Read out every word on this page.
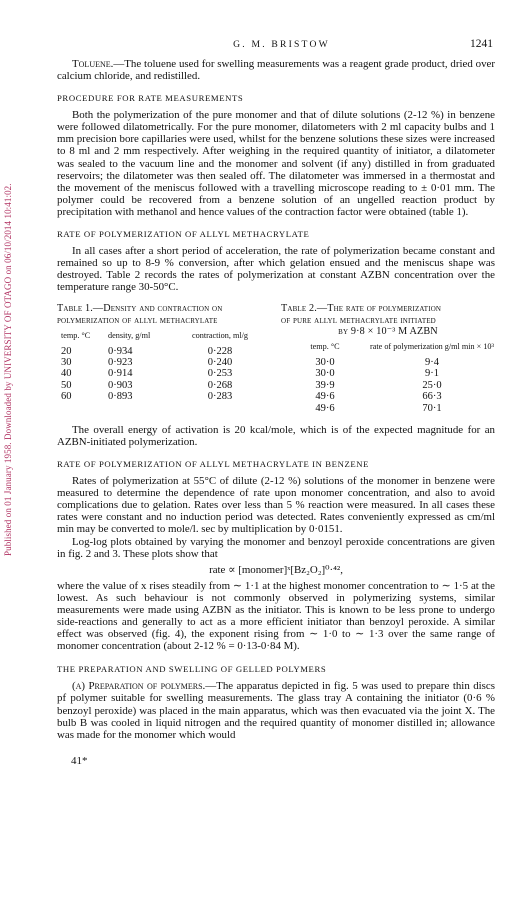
Published on 01 January 1958. Downloaded by UNIVERSITY OF OTAGO on 06/10/2014 10:41:02.
G. M. BRISTOW	1241

Toluene.—The toluene used for swelling measurements was a reagent grade product, dried over calcium chloride, and redistilled.

PROCEDURE FOR RATE MEASUREMENTS

Both the polymerization of the pure monomer and that of dilute solutions (2-12 %) in benzene were followed dilatometrically. For the pure monomer, dilatometers with 2 ml capacity bulbs and 1 mm precision bore capillaries were used, whilst for the benzene solutions these sizes were increased to 8 ml and 2 mm respectively. After weighing in the required quantity of initiator, a dilatometer was sealed to the vacuum line and the monomer and solvent (if any) distilled in from graduated reservoirs; the dilatometer was then sealed off. The dilatometer was immersed in a thermostat and the movement of the meniscus followed with a travelling microscope reading to ± 0·01 mm. The polymer could be recovered from a benzene solution of an ungelled reaction product by precipitation with methanol and hence values of the contraction factor were obtained (table 1).

RATE OF POLYMERIZATION OF ALLYL METHACRYLATE

In all cases after a short period of acceleration, the rate of polymerization became constant and remained so up to 8-9 % conversion, after which gelation ensued and the meniscus shape was destroyed. Table 2 records the rates of polymerization at constant AZBN concentration over the temperature range 30-50°C.

Table 1.—Density and contraction on
polymerization of allyl methacrylate
temp. °C	density, g/ml	contraction, ml/g
20	0·934	0·228
30	0·923	0·240
40	0·914	0·253
50	0·903	0·268
60	0·893	0·283
Table 2.—The rate of polymerization
of pure allyl methacrylate initiated
by 9·8 × 10⁻³ M AZBN
temp. °C	rate of polymerization g/ml min × 10³
30·0	9·4
30·0	9·1
39·9	25·0
49·6	66·3
49·6	70·1

The overall energy of activation is 20 kcal/mole, which is of the expected magnitude for an AZBN-initiated polymerization.

RATE OF POLYMERIZATION OF ALLYL METHACRYLATE IN BENZENE

Rates of polymerization at 55°C of dilute (2-12 %) solutions of the monomer in benzene were measured to determine the dependence of rate upon monomer concentration, and also to avoid complications due to gelation. Rates over less than 5 % reaction were measured. In all cases these rates were constant and no induction period was detected. Rates conveniently expressed as cm/ml min may be converted to mole/l. sec by multiplication by 0·0151.

Log-log plots obtained by varying the monomer and benzoyl peroxide concentrations are given in fig. 2 and 3. These plots show that

rate ∝ [monomer]ˣ[Bz₂O₂]⁰·⁴²,

where the value of x rises steadily from ∼ 1·1 at the highest monomer concentration to ∼ 1·5 at the lowest. As such behaviour is not commonly observed in polymerizing systems, similar measurements were made using AZBN as the initiator. This is known to be less prone to undergo side-reactions and generally to act as a more efficient initiator than benzoyl peroxide. A similar effect was observed (fig. 4), the exponent rising from ∼ 1·0 to ∼ 1·3 over the same range of monomer concentration (about 2-12 % = 0·13-0·84 M).

THE PREPARATION AND SWELLING OF GELLED POLYMERS

(a) Preparation of polymers.—The apparatus depicted in fig. 5 was used to prepare thin discs pf polymer suitable for swelling measurements. The glass tray A containing the initiator (0·6 % benzoyl peroxide) was placed in the main apparatus, which was then evacuated via the joint X. The bulb B was cooled in liquid nitrogen and the required quantity of monomer distilled in; allowance was made for the monomer which would

41*
